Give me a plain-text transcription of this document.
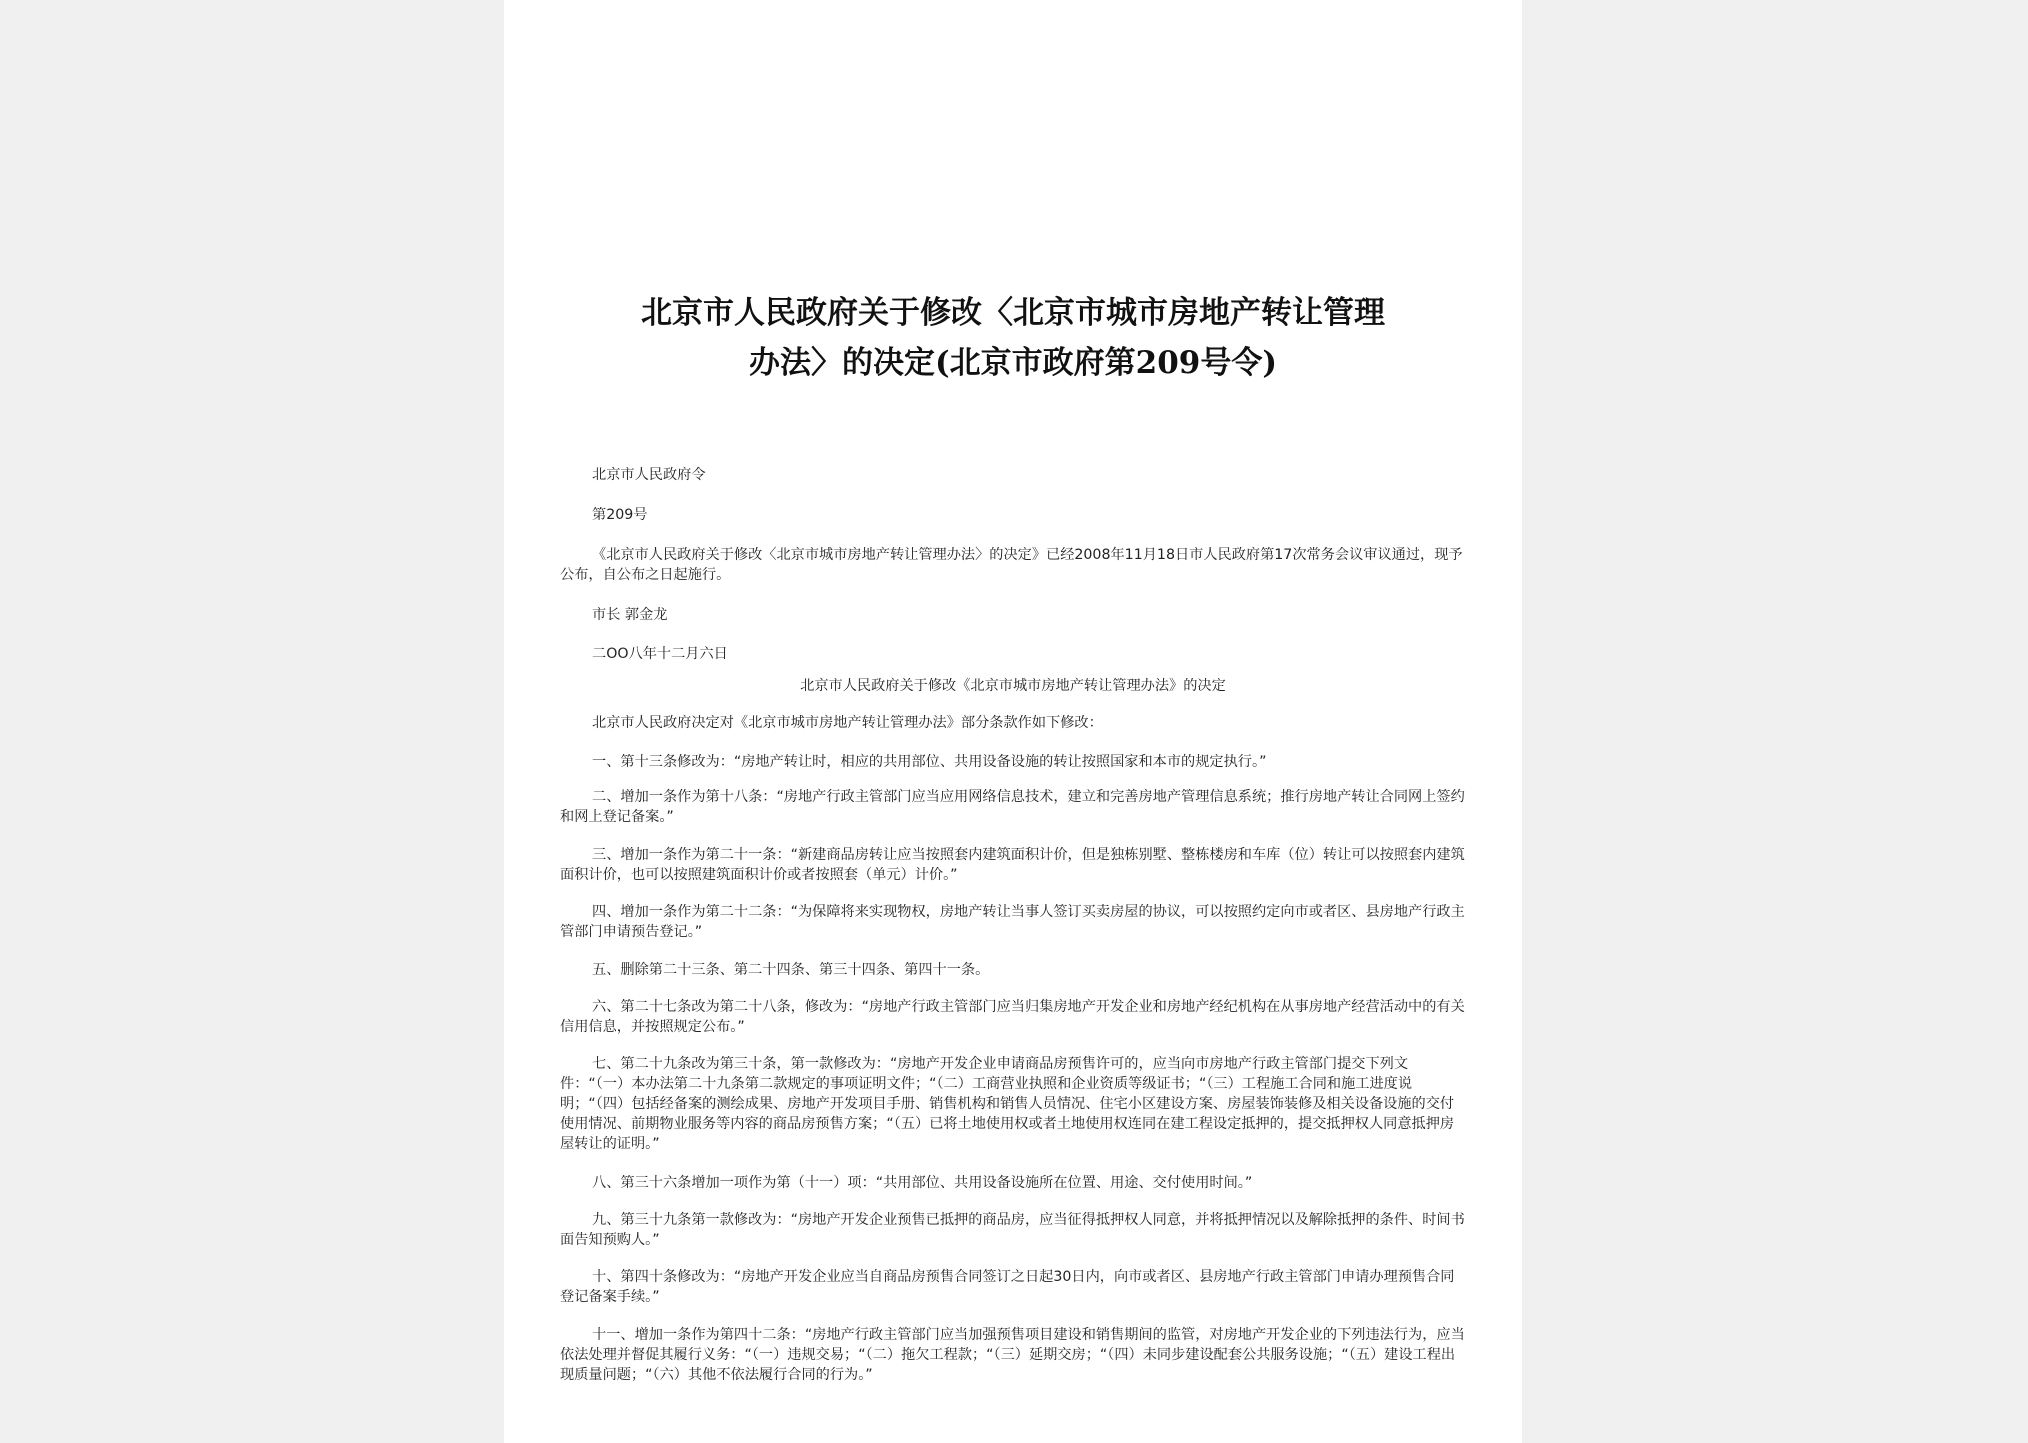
北京市人民政府关于修改〈北京市城市房地产转让管理
办法〉的决定(北京市政府第209号令)

北京市人民政府令

第209号

《北京市人民政府关于修改〈北京市城市房地产转让管理办法〉的决定》已经2008年11月18日市人民政府第17次常务会议审议通过，现予公布，自公布之日起施行。

市长 郭金龙

二OO八年十二月六日

北京市人民政府关于修改《北京市城市房地产转让管理办法》的决定

北京市人民政府决定对《北京市城市房地产转让管理办法》部分条款作如下修改：

一、第十三条修改为：“房地产转让时，相应的共用部位、共用设备设施的转让按照国家和本市的规定执行。”

二、增加一条作为第十八条：“房地产行政主管部门应当应用网络信息技术，建立和完善房地产管理信息系统；推行房地产转让合同网上签约和网上登记备案。”

三、增加一条作为第二十一条：“新建商品房转让应当按照套内建筑面积计价，但是独栋别墅、整栋楼房和车库（位）转让可以按照套内建筑面积计价，也可以按照建筑面积计价或者按照套（单元）计价。”

四、增加一条作为第二十二条：“为保障将来实现物权，房地产转让当事人签订买卖房屋的协议，可以按照约定向市或者区、县房地产行政主管部门申请预告登记。”

五、删除第二十三条、第二十四条、第三十四条、第四十一条。

六、第二十七条改为第二十八条，修改为：“房地产行政主管部门应当归集房地产开发企业和房地产经纪机构在从事房地产经营活动中的有关信用信息，并按照规定公布。”

七、第二十九条改为第三十条，第一款修改为：“房地产开发企业申请商品房预售许可的，应当向市房地产行政主管部门提交下列文件：“（一）本办法第二十九条第二款规定的事项证明文件；“（二）工商营业执照和企业资质等级证书；“（三）工程施工合同和施工进度说明；“（四）包括经备案的测绘成果、房地产开发项目手册、销售机构和销售人员情况、住宅小区建设方案、房屋装饰装修及相关设备设施的交付使用情况、前期物业服务等内容的商品房预售方案；“（五）已将土地使用权或者土地使用权连同在建工程设定抵押的，提交抵押权人同意抵押房屋转让的证明。”

八、第三十六条增加一项作为第（十一）项：“共用部位、共用设备设施所在位置、用途、交付使用时间。”

九、第三十九条第一款修改为：“房地产开发企业预售已抵押的商品房，应当征得抵押权人同意，并将抵押情况以及解除抵押的条件、时间书面告知预购人。”

十、第四十条修改为：“房地产开发企业应当自商品房预售合同签订之日起30日内，向市或者区、县房地产行政主管部门申请办理预售合同登记备案手续。”

十一、增加一条作为第四十二条：“房地产行政主管部门应当加强预售项目建设和销售期间的监管，对房地产开发企业的下列违法行为，应当依法处理并督促其履行义务：“（一）违规交易；“（二）拖欠工程款；“（三）延期交房；“（四）未同步建设配套公共服务设施；“（五）建设工程出现质量问题；“（六）其他不依法履行合同的行为。”
